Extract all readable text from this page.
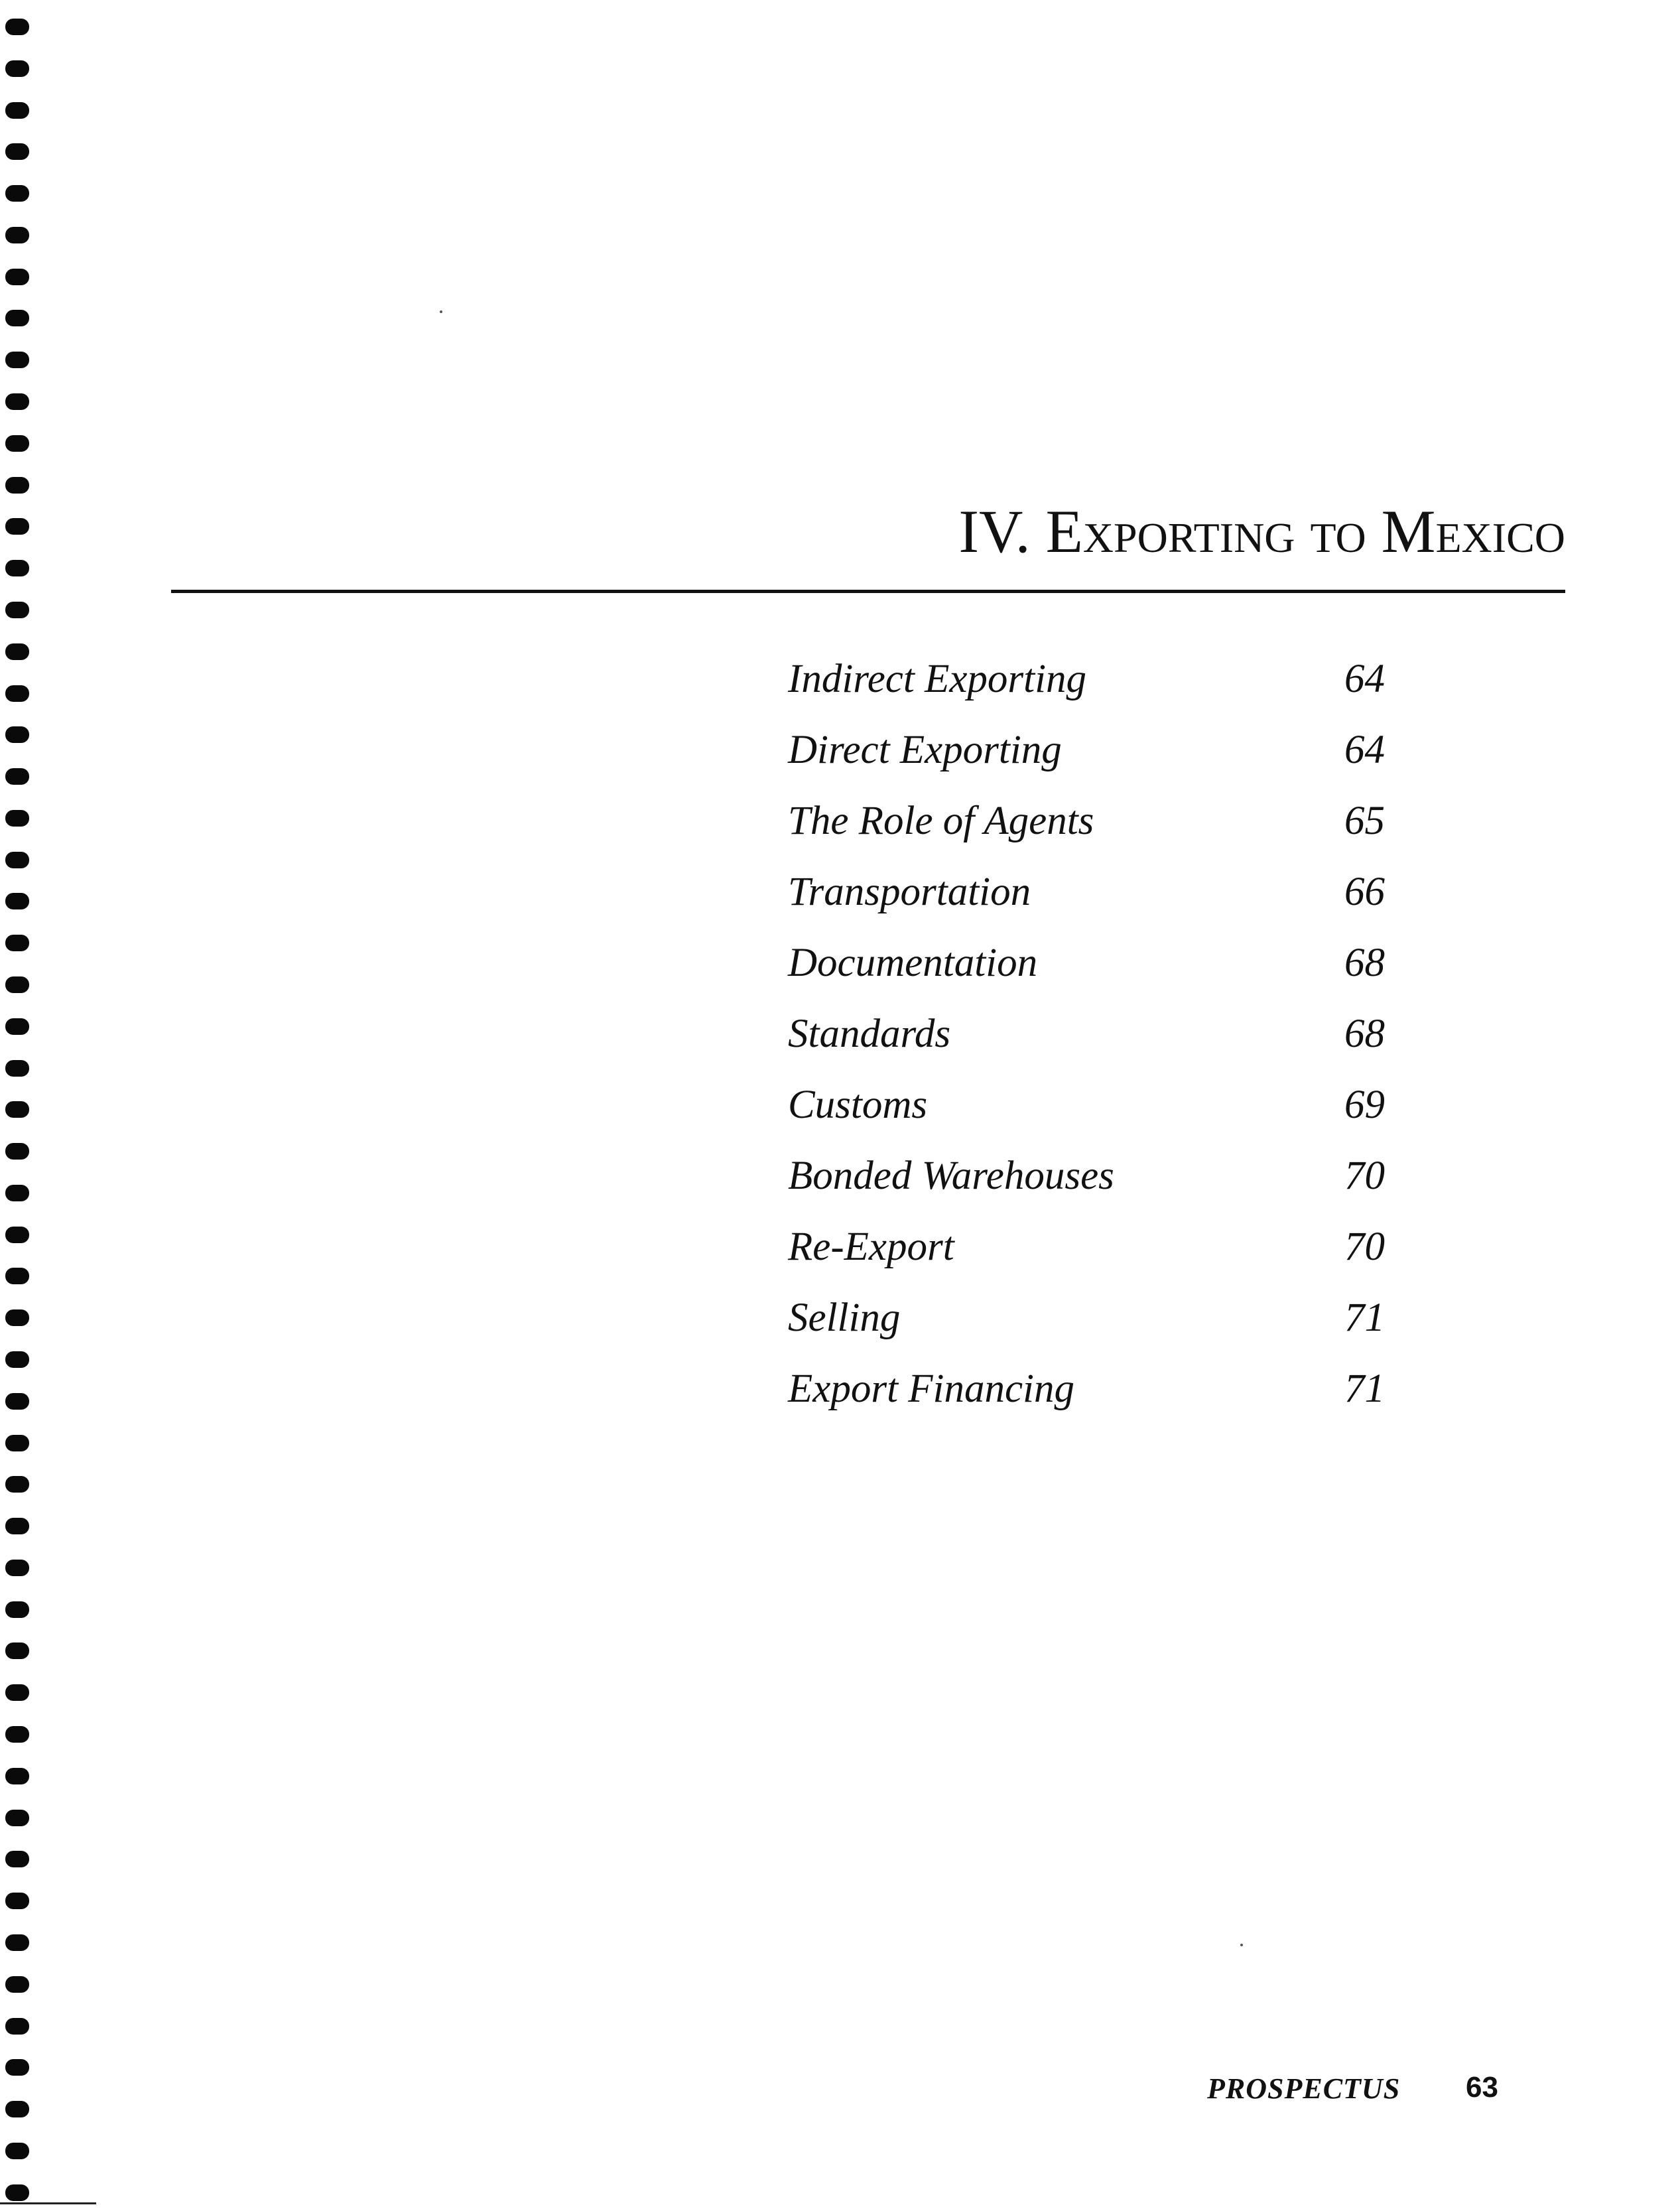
IV. Exporting to Mexico
Indirect Exporting	64
Direct Exporting	64
The Role of Agents	65
Transportation	66
Documentation	68
Standards	68
Customs	69
Bonded Warehouses	70
Re-Export	70
Selling	71
Export Financing	71
PROSPECTUS 63
